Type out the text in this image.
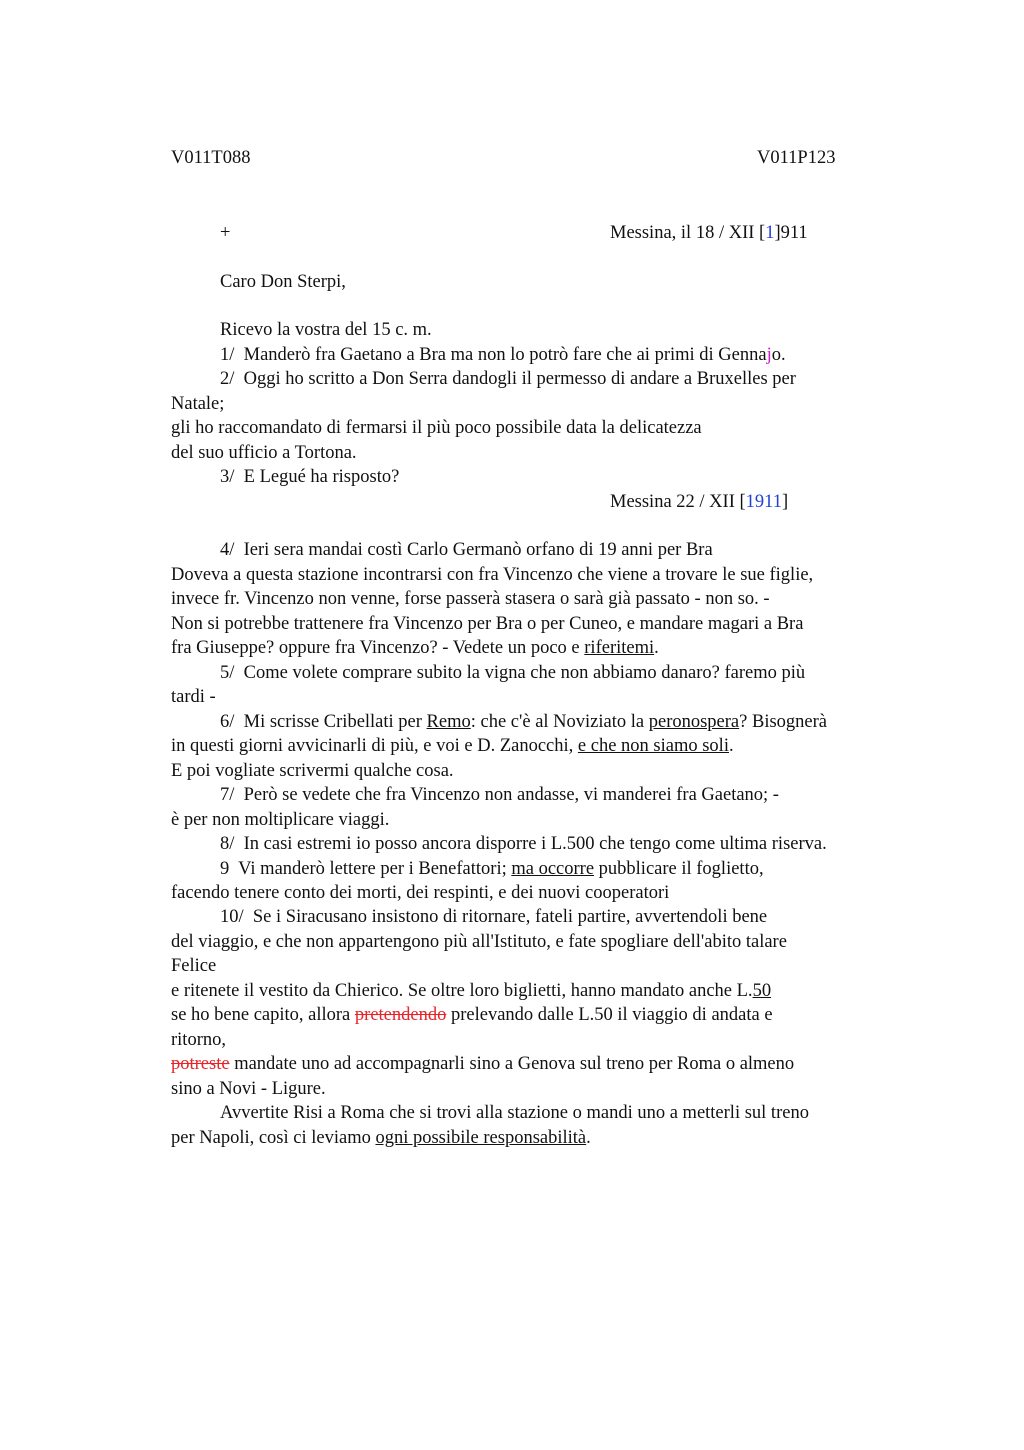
V011T088	V011P123
+	Messina, il 18 / XII [1]911
Caro Don Sterpi,
Ricevo la vostra del 15 c. m.
1/  Manderò fra Gaetano a Bra ma non lo potrò fare che ai primi di Gennajo.
2/  Oggi ho scritto a Don Serra dandogli il permesso di andare a Bruxelles per
Natale;
gli ho raccomandato di fermarsi il più poco possibile data la delicatezza
del suo ufficio a Tortona.
3/  E Legué ha risposto?
Messina 22 / XII [1911]
4/  Ieri sera mandai costì Carlo Germanò orfano di 19 anni per Bra
Doveva a questa stazione incontrarsi con fra Vincenzo che viene a trovare le sue figlie,
invece fr. Vincenzo non venne, forse passerà stasera o sarà già passato - non so. -
Non si potrebbe trattenere fra Vincenzo per Bra o per Cuneo, e mandare magari a Bra
fra Giuseppe? oppure fra Vincenzo? - Vedete un poco e riferitemi.
5/  Come volete comprare subito la vigna che non abbiamo danaro? faremo più
tardi -
6/  Mi scrisse Cribellati per Remo: che c'è al Noviziato la peronospera? Bisognerà
in questi giorni avvicinarli di più, e voi e D. Zanocchi, e che non siamo soli.
E poi vogliate scrivermi qualche cosa.
7/  Però se vedete che fra Vincenzo non andasse, vi manderei fra Gaetano; -
è per non moltiplicare viaggi.
8/  In casi estremi io posso ancora disporre i L.500 che tengo come ultima riserva.
9  Vi manderò lettere per i Benefattori; ma occorre pubblicare il foglietto,
facendo tenere conto dei morti, dei respinti, e dei nuovi cooperatori
10/  Se i Siracusano insistono di ritornare, fateli partire, avvertendoli bene
del viaggio, e che non appartengono più all'Istituto, e fate spogliare dell'abito talare
Felice
e ritenete il vestito da Chierico. Se oltre loro biglietti, hanno mandato anche L.50
se ho bene capito, allora pretendendo prelevando dalle L.50 il viaggio di andata e
ritorno,
potreste mandate uno ad accompagnarli sino a Genova sul treno per Roma o almeno
sino a Novi - Ligure.
Avvertite Risi a Roma che si trovi alla stazione o mandi uno a metterli sul treno
per Napoli, così ci leviamo ogni possibile responsabilità.
